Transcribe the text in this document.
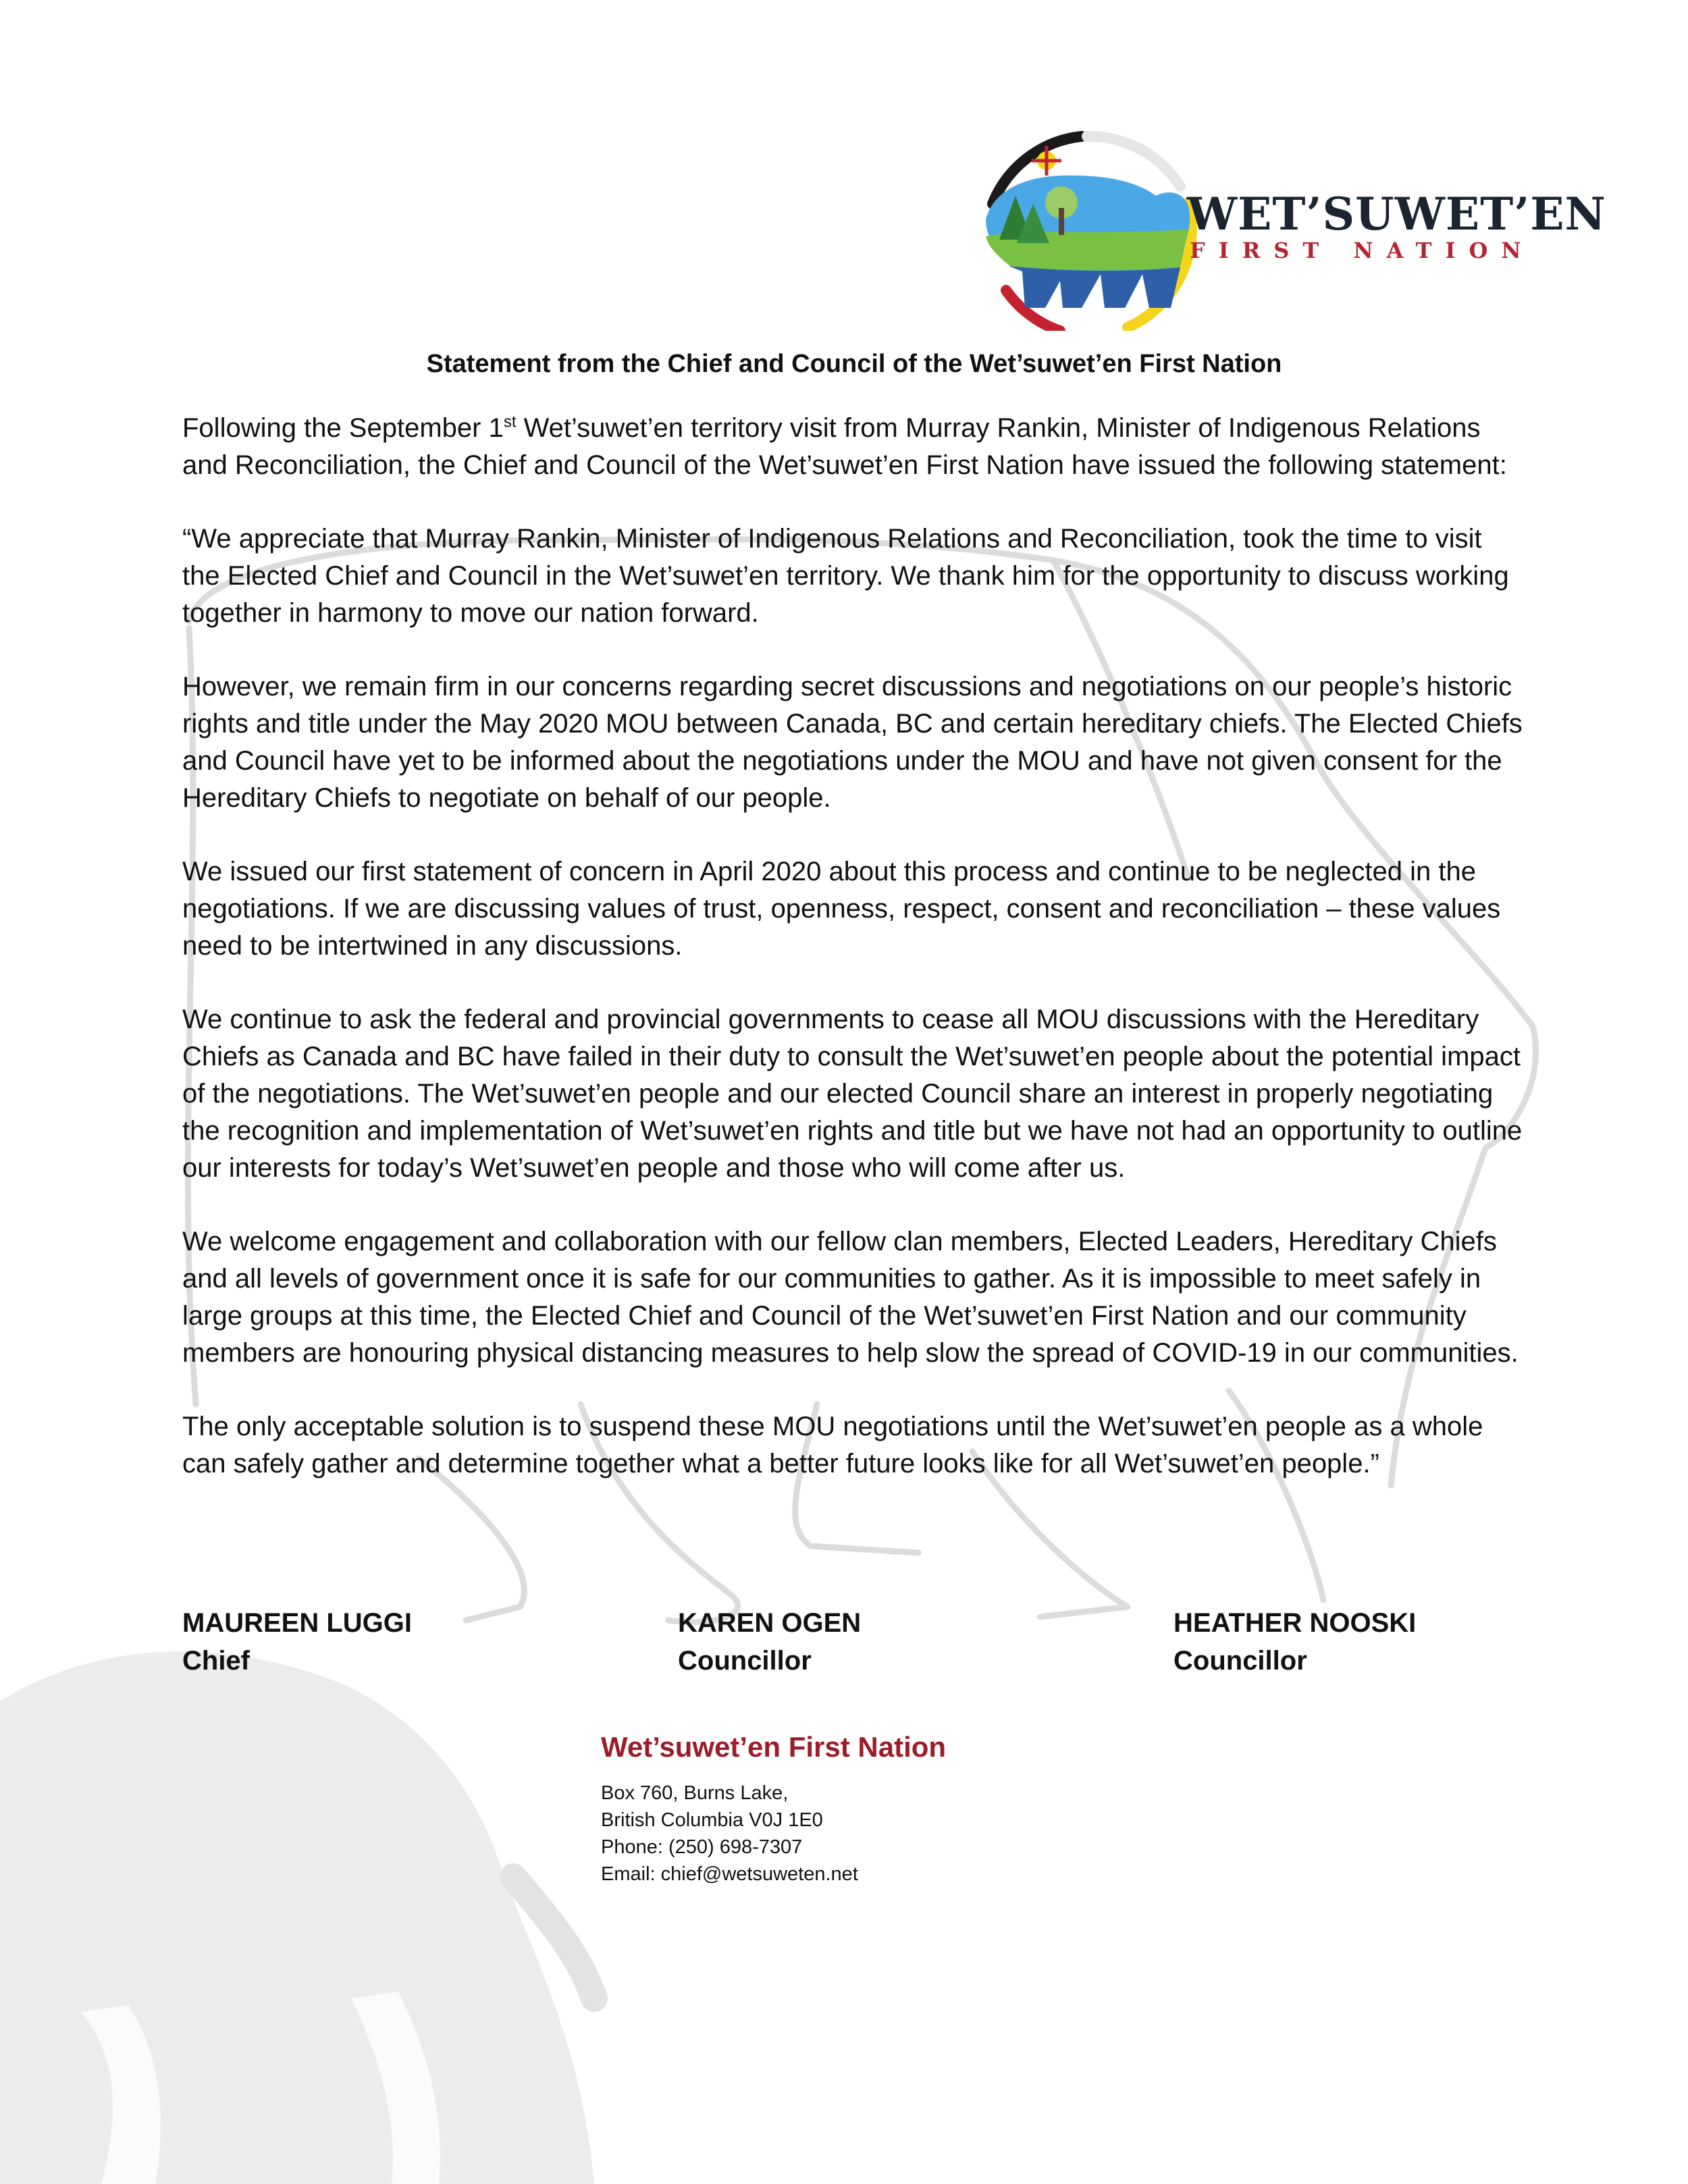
WET’SUWET’EN
FIRST NATION
Statement from the Chief and Council of the Wet’suwet’en First Nation

Following the September 1st Wet’suwet’en territory visit from Murray Rankin, Minister of Indigenous Relations and Reconciliation, the Chief and Council of the Wet’suwet’en First Nation have issued the following statement:

“We appreciate that Murray Rankin, Minister of Indigenous Relations and Reconciliation, took the time to visit the Elected Chief and Council in the Wet’suwet’en territory. We thank him for the opportunity to discuss working together in harmony to move our nation forward.

However, we remain firm in our concerns regarding secret discussions and negotiations on our people’s historic rights and title under the May 2020 MOU between Canada, BC and certain hereditary chiefs. The Elected Chiefs and Council have yet to be informed about the negotiations under the MOU and have not given consent for the Hereditary Chiefs to negotiate on behalf of our people.

We issued our first statement of concern in April 2020 about this process and continue to be neglected in the negotiations. If we are discussing values of trust, openness, respect, consent and reconciliation – these values need to be intertwined in any discussions.

We continue to ask the federal and provincial governments to cease all MOU discussions with the Hereditary Chiefs as Canada and BC have failed in their duty to consult the Wet’suwet’en people about the potential impact of the negotiations. The Wet’suwet’en people and our elected Council share an interest in properly negotiating the recognition and implementation of Wet’suwet’en rights and title but we have not had an opportunity to outline our interests for today’s Wet’suwet’en people and those who will come after us.

We welcome engagement and collaboration with our fellow clan members, Elected Leaders, Hereditary Chiefs and all levels of government once it is safe for our communities to gather. As it is impossible to meet safely in large groups at this time, the Elected Chief and Council of the Wet’suwet’en First Nation and our community members are honouring physical distancing measures to help slow the spread of COVID-19 in our communities.

The only acceptable solution is to suspend these MOU negotiations until the Wet’suwet’en people as a whole can safely gather and determine together what a better future looks like for all Wet’suwet’en people.”

MAUREEN LUGGI
Chief
KAREN OGEN
Councillor
HEATHER NOOSKI
Councillor
Wet’suwet’en First Nation
Box 760, Burns Lake,
British Columbia V0J 1E0
Phone: (250) 698-7307
Email: chief@wetsuweten.net
